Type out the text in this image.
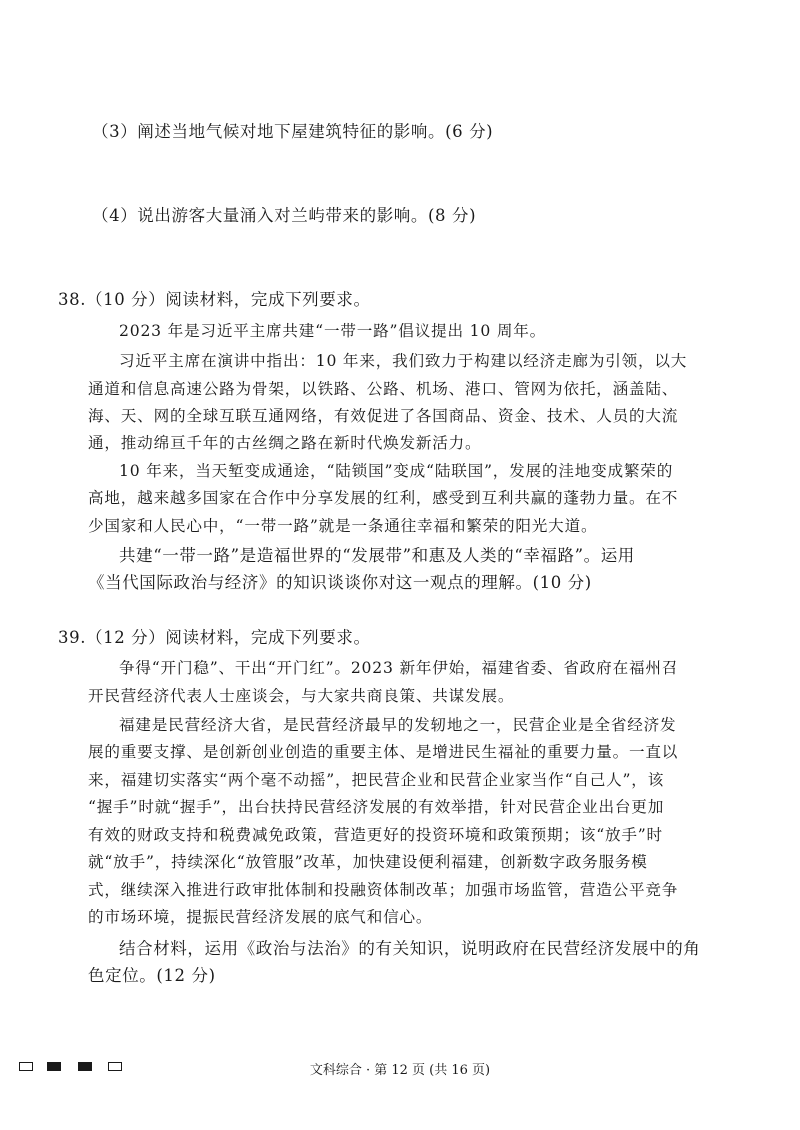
（3）阐述当地气候对地下屋建筑特征的影响。(6 分)
（4）说出游客大量涌入对兰屿带来的影响。(8 分)
38.（10 分）阅读材料，完成下列要求。
2023 年是习近平主席共建“一带一路”倡议提出 10 周年。
习近平主席在演讲中指出：10 年来，我们致力于构建以经济走廊为引领，以大
通道和信息高速公路为骨架，以铁路、公路、机场、港口、管网为依托，涵盖陆、
海、天、网的全球互联互通网络，有效促进了各国商品、资金、技术、人员的大流
通，推动绵亘千年的古丝绸之路在新时代焕发新活力。
10 年来，当天堑变成通途，“陆锁国”变成“陆联国”，发展的洼地变成繁荣的
高地，越来越多国家在合作中分享发展的红利，感受到互利共赢的蓬勃力量。在不
少国家和人民心中，“一带一路”就是一条通往幸福和繁荣的阳光大道。
共建“一带一路”是造福世界的“发展带”和惠及人类的“幸福路”。运用
《当代国际政治与经济》的知识谈谈你对这一观点的理解。(10 分)
39.（12 分）阅读材料，完成下列要求。
争得“开门稳”、干出“开门红”。2023 新年伊始，福建省委、省政府在福州召
开民营经济代表人士座谈会，与大家共商良策、共谋发展。
福建是民营经济大省，是民营经济最早的发轫地之一，民营企业是全省经济发
展的重要支撑、是创新创业创造的重要主体、是增进民生福祉的重要力量。一直以
来，福建切实落实“两个毫不动摇”，把民营企业和民营企业家当作“自己人”，该
“握手”时就“握手”，出台扶持民营经济发展的有效举措，针对民营企业出台更加
有效的财政支持和税费减免政策，营造更好的投资环境和政策预期；该“放手”时
就“放手”，持续深化“放管服”改革，加快建设便利福建，创新数字政务服务模
式，继续深入推进行政审批体制和投融资体制改革；加强市场监管，营造公平竞争
的市场环境，提振民营经济发展的底气和信心。
结合材料，运用《政治与法治》的有关知识，说明政府在民营经济发展中的角
色定位。(12 分)
文科综合 · 第 12 页 (共 16 页)
